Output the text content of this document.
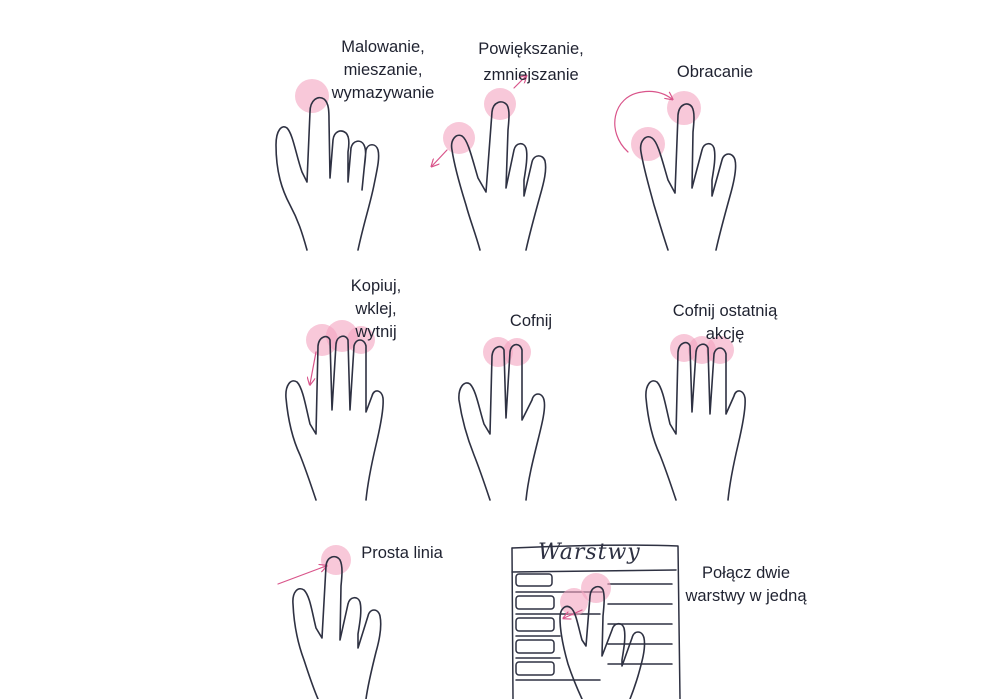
Malowanie,
mieszanie,
wymazywanie
Powiększanie,
zmniejszanie	Obracanie
Kopiuj,
wklej,
wytnij
Cofnij
Cofnij ostatnią
akcję
Prosta linia
Połącz dwie
warstwy w jedną
Warstwy
